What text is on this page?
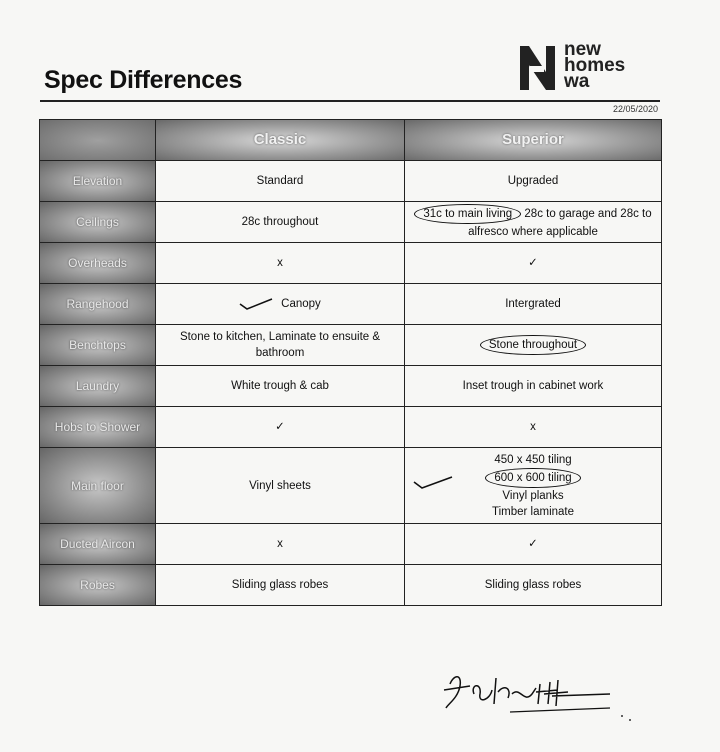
Spec Differences
new
homes
wa
22/05/2020
	Classic	Superior
Elevation	Standard	Upgraded
Ceilings	28c throughout	31c to main living 28c to garage and 28c to alfresco where applicable
Overheads	x	✓
Rangehood	Canopy	Intergrated
Benchtops	Stone to kitchen, Laminate to ensuite & bathroom	Stone throughout
Laundry	White trough & cab	Inset trough in cabinet work
Hobs to Shower	✓	x
Main floor	Vinyl sheets	450 x 450 tiling
600 x 600 tiling
Vinyl planks
Timber laminate

Ducted Aircon	x	✓
Robes	Sliding glass robes	Sliding glass robes
